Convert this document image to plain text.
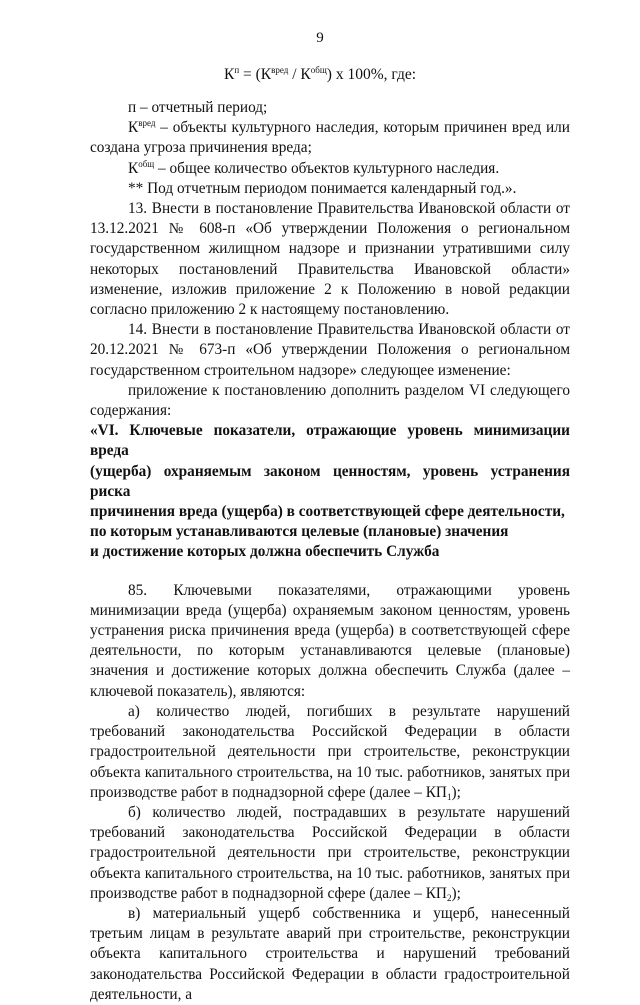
9
$К^п = (К^{вред} / К^{общ})$ х 100%, где:

п – отчетный период;

$К^{вред}$ – объекты культурного наследия, которым причинен вред или создана угроза причинения вреда;

$К^{общ}$ – общее количество объектов культурного наследия.

** Под отчетным периодом понимается календарный год.».

13. Внести в постановление Правительства Ивановской области от 13.12.2021 № 608-п «Об утверждении Положения о региональном государственном жилищном надзоре и признании утратившими силу некоторых постановлений Правительства Ивановской области» изменение, изложив приложение 2 к Положению в новой редакции согласно приложению 2 к настоящему постановлению.

14. Внести в постановление Правительства Ивановской области от 20.12.2021 № 673-п «Об утверждении Положения о региональном государственном строительном надзоре» следующее изменение:

приложение к постановлению дополнить разделом VI следующего содержания:

«VI. Ключевые показатели, отражающие уровень минимизации вреда

(ущерба) охраняемым законом ценностям, уровень устранения риска

причинения вреда (ущерба) в соответствующей сфере деятельности,

по которым устанавливаются целевые (плановые) значения

и достижение которых должна обеспечить Служба

85. Ключевыми показателями, отражающими уровень минимизации вреда (ущерба) охраняемым законом ценностям, уровень устранения риска причинения вреда (ущерба) в соответствующей сфере деятельности, по которым устанавливаются целевые (плановые) значения и достижение которых должна обеспечить Служба (далее – ключевой показатель), являются:

а) количество людей, погибших в результате нарушений требований законодательства Российской Федерации в области градостроительной деятельности при строительстве, реконструкции объекта капитального строительства, на 10 тыс. работников, занятых при производстве работ в поднадзорной сфере (далее – $КП_1$);

б) количество людей, пострадавших в результате нарушений требований законодательства Российской Федерации в области градостроительной деятельности при строительстве, реконструкции объекта капитального строительства, на 10 тыс. работников, занятых при производстве работ в поднадзорной сфере (далее – $КП_2$);

в) материальный ущерб собственника и ущерб, нанесенный третьим лицам в результате аварий при строительстве, реконструкции объекта капитального строительства и нарушений требований законодательства Российской Федерации в области градостроительной деятельности, а
